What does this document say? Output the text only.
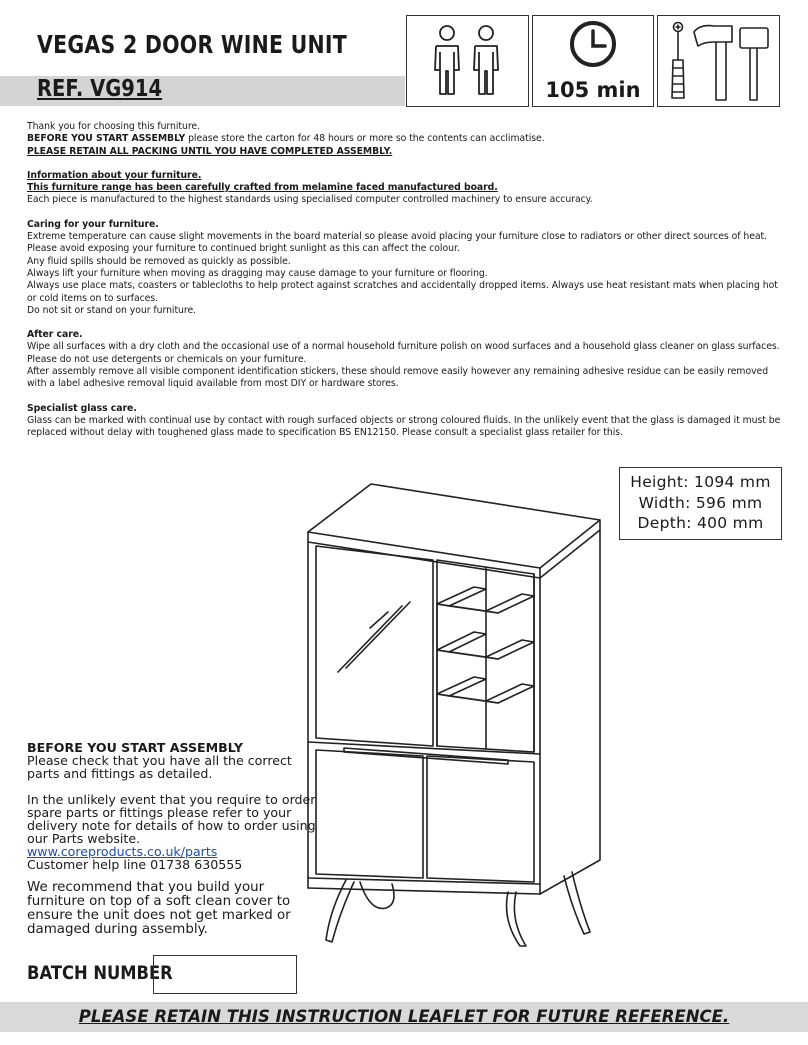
VEGAS 2 DOOR WINE UNIT
REF. VG914	105 min

Thank you for choosing this furniture.

BEFORE YOU START ASSEMBLY please store the carton for 48 hours or more so the contents can acclimatise.

PLEASE RETAIN ALL PACKING UNTIL YOU HAVE COMPLETED ASSEMBLY.

Information about your furniture.

This furniture range has been carefully crafted from melamine faced manufactured board.

Each piece is manufactured to the highest standards using specialised computer controlled machinery to ensure accuracy.

Caring for your furniture.

Extreme temperature can cause slight movements in the board material so please avoid placing your furniture close to radiators or other direct sources of heat.

Please avoid exposing your furniture to continued bright sunlight as this can affect the colour.

Any fluid spills should be removed as quickly as possible.

Always lift your furniture when moving as dragging may cause damage to your furniture or flooring.

Always use place mats, coasters or tablecloths to help protect against scratches and accidentally dropped items. Always use heat resistant mats when placing hot or cold items on to surfaces.

Do not sit or stand on your furniture.

After care.

Wipe all surfaces with a dry cloth and the occasional use of a normal household furniture polish on wood surfaces and a household glass cleaner on glass surfaces.

Please do not use detergents or chemicals on your furniture.

After assembly remove all visible component identification stickers, these should remove easily however any remaining adhesive residue can be easily removed with a label adhesive removal liquid available from most DIY or hardware stores.

Specialist glass care.

Glass can be marked with continual use by contact with rough surfaced objects or strong coloured fluids. In the unlikely event that the glass is damaged it must be replaced without delay with toughened glass made to specification BS EN12150. Please consult a specialist glass retailer for this.

Height: 1094 mm
Width: 596 mm
Depth: 400 mm
BEFORE YOU START ASSEMBLY
Please check that you have all the correct parts and fittings as detailed.
In the unlikely event that you require to order spare parts or fittings please refer to your delivery note for details of how to order using our Parts website.
www.coreproducts.co.uk/parts
Customer help line 01738 630555
We recommend that you build your furniture on top of a soft clean cover to ensure the unit does not get marked or damaged during assembly.
BATCH NUMBER
PLEASE RETAIN THIS INSTRUCTION LEAFLET FOR FUTURE REFERENCE.
